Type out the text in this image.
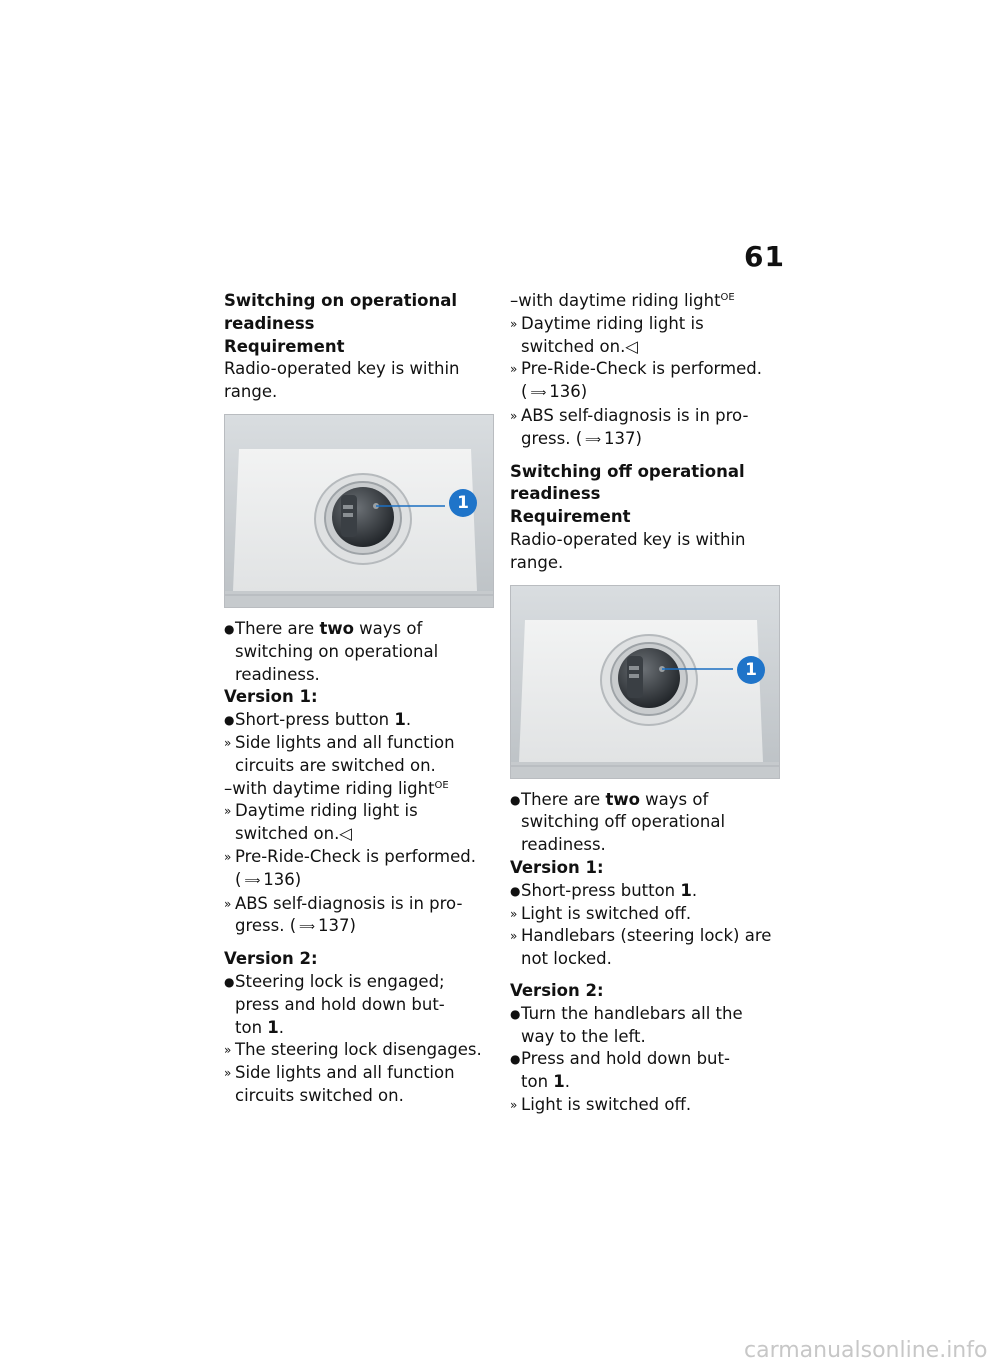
61
Switching on operational
readiness
Requirement
Radio-operated key is within
range.
1
● There are two ways of
switching on operational
readiness.
Version 1:
● Short-press button 1.
» Side lights and all function
circuits are switched on.
–with daytime riding light$^{OE}$
» Daytime riding light is
switched on.◁
» Pre-Ride-Check is performed.
( ⟹ 136)
» ABS self-diagnosis is in pro-
gress. ( ⟹ 137)
Version 2:
● Steering lock is engaged;
press and hold down but-
ton 1.
» The steering lock disengages.
» Side lights and all function
circuits switched on.
–with daytime riding light$^{OE}$
» Daytime riding light is
switched on.◁
» Pre-Ride-Check is performed.
( ⟹ 136)
» ABS self-diagnosis is in pro-
gress. ( ⟹ 137)
Switching off operational
readiness
Requirement
Radio-operated key is within
range.
1
● There are two ways of
switching off operational
readiness.
Version 1:
● Short-press button 1.
» Light is switched off.
» Handlebars (steering lock) are
not locked.
Version 2:
● Turn the handlebars all the
way to the left.
● Press and hold down but-
ton 1.
» Light is switched off.
carmanualsonline.info
